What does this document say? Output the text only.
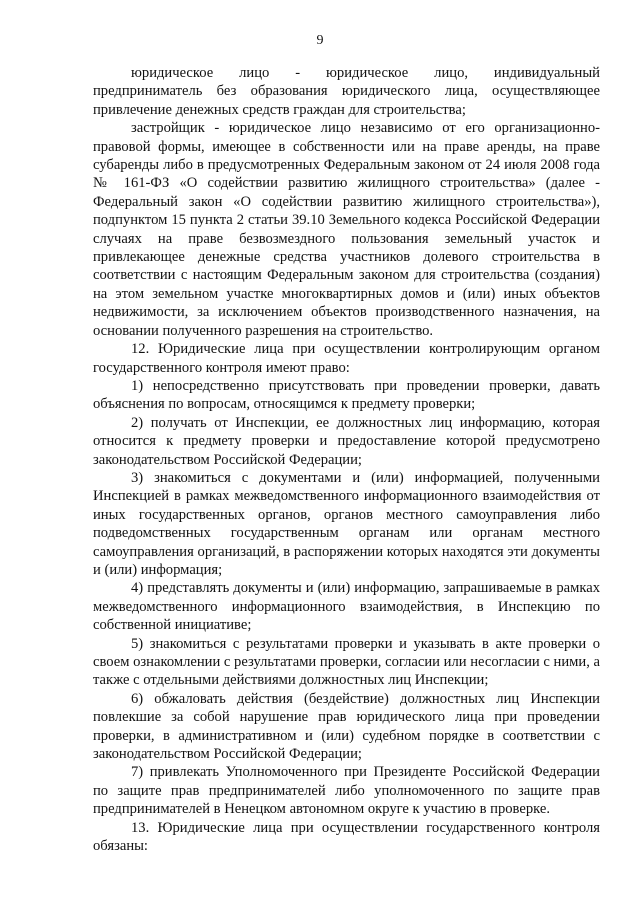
9

юридическое лицо - юридическое лицо, индивидуальный предприниматель без образования юридического лица, осуществляющее привлечение денежных средств граждан для строительства;

застройщик - юридическое лицо независимо от его организационно-правовой формы, имеющее в собственности или на праве аренды, на праве субаренды либо в предусмотренных Федеральным законом от 24 июля 2008 года № 161-ФЗ «О содействии развитию жилищного строительства» (далее - Федеральный закон «О содействии развитию жилищного строительства»), подпунктом 15 пункта 2 статьи 39.10 Земельного кодекса Российской Федерации случаях на праве безвозмездного пользования земельный участок и привлекающее денежные средства участников долевого строительства в соответствии с настоящим Федеральным законом для строительства (создания) на этом земельном участке многоквартирных домов и (или) иных объектов недвижимости, за исключением объектов производственного назначения, на основании полученного разрешения на строительство.

12. Юридические лица при осуществлении контролирующим органом государственного контроля имеют право:

1) непосредственно присутствовать при проведении проверки, давать объяснения по вопросам, относящимся к предмету проверки;

2) получать от Инспекции, ее должностных лиц информацию, которая относится к предмету проверки и предоставление которой предусмотрено законодательством Российской Федерации;

3) знакомиться с документами и (или) информацией, полученными Инспекцией в рамках межведомственного информационного взаимодействия от иных государственных органов, органов местного самоуправления либо подведомственных государственным органам или органам местного самоуправления организаций, в распоряжении которых находятся эти документы и (или) информация;

4) представлять документы и (или) информацию, запрашиваемые в рамках межведомственного информационного взаимодействия, в Инспекцию по собственной инициативе;

5) знакомиться с результатами проверки и указывать в акте проверки о своем ознакомлении с результатами проверки, согласии или несогласии с ними, а также с отдельными действиями должностных лиц Инспекции;

6) обжаловать действия (бездействие) должностных лиц Инспекции повлекшие за собой нарушение прав юридического лица при проведении проверки, в административном и (или) судебном порядке в соответствии с законодательством Российской Федерации;

7) привлекать Уполномоченного при Президенте Российской Федерации по защите прав предпринимателей либо уполномоченного по защите прав предпринимателей в Ненецком автономном округе к участию в проверке.

13. Юридические лица при осуществлении государственного контроля обязаны:
